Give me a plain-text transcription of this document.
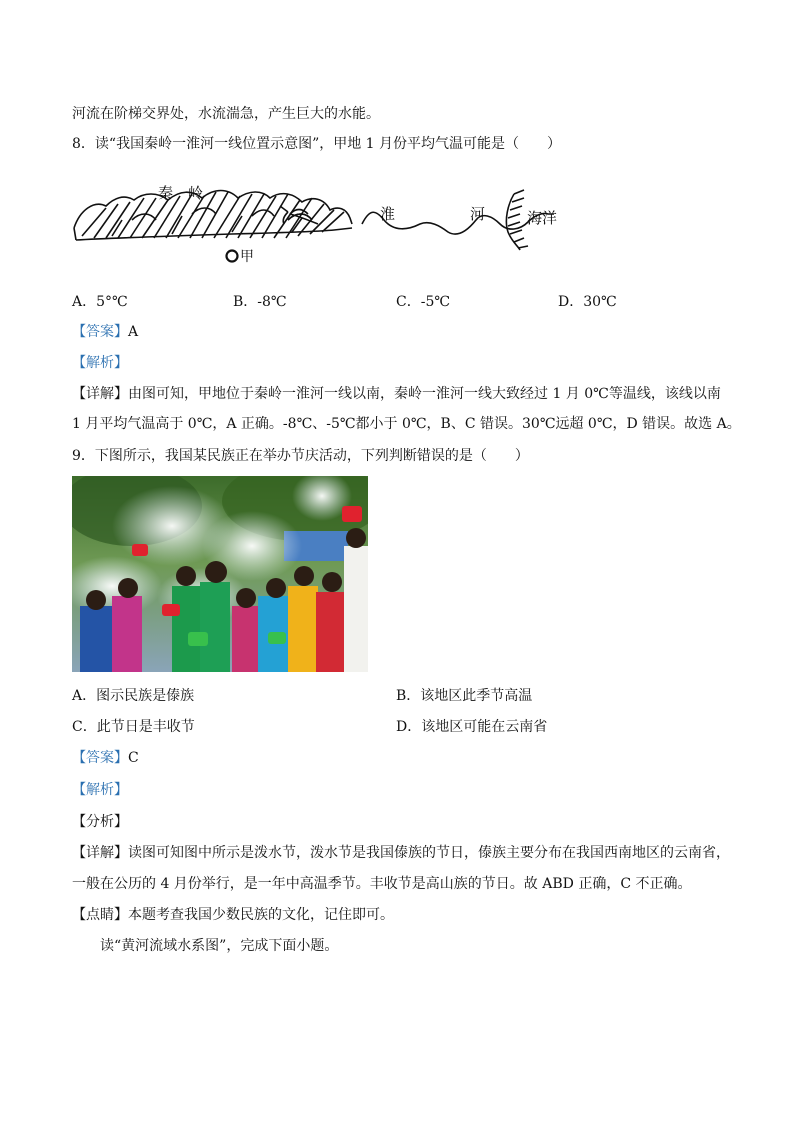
河流在阶梯交界处，水流湍急，产生巨大的水能。
8．读“我国秦岭一淮河一线位置示意图”，甲地 1 月份平均气温可能是（　　）
秦　岭
淮	河	海洋
甲
A．5°℃	B．-8℃	C．-5℃	D．30℃
【答案】A
【解析】
【详解】由图可知，甲地位于秦岭一淮河一线以南，秦岭一淮河一线大致经过 1 月 0℃等温线，该线以南
1 月平均气温高于 0℃，A 正确。-8℃、-5℃都小于 0℃，B、C 错误。30℃远超 0℃，D 错误。故选 A。
9．下图所示，我国某民族正在举办节庆活动，下列判断错误的是（　　）
A．图示民族是傣族	B．该地区此季节高温
C．此节日是丰收节	D．该地区可能在云南省
【答案】C
【解析】
【分析】
【详解】读图可知图中所示是泼水节，泼水节是我国傣族的节日，傣族主要分布在我国西南地区的云南省，
一般在公历的 4 月份举行，是一年中高温季节。丰收节是高山族的节日。故 ABD 正确，C 不正确。
【点睛】本题考查我国少数民族的文化，记住即可。
读“黄河流域水系图”，完成下面小题。
